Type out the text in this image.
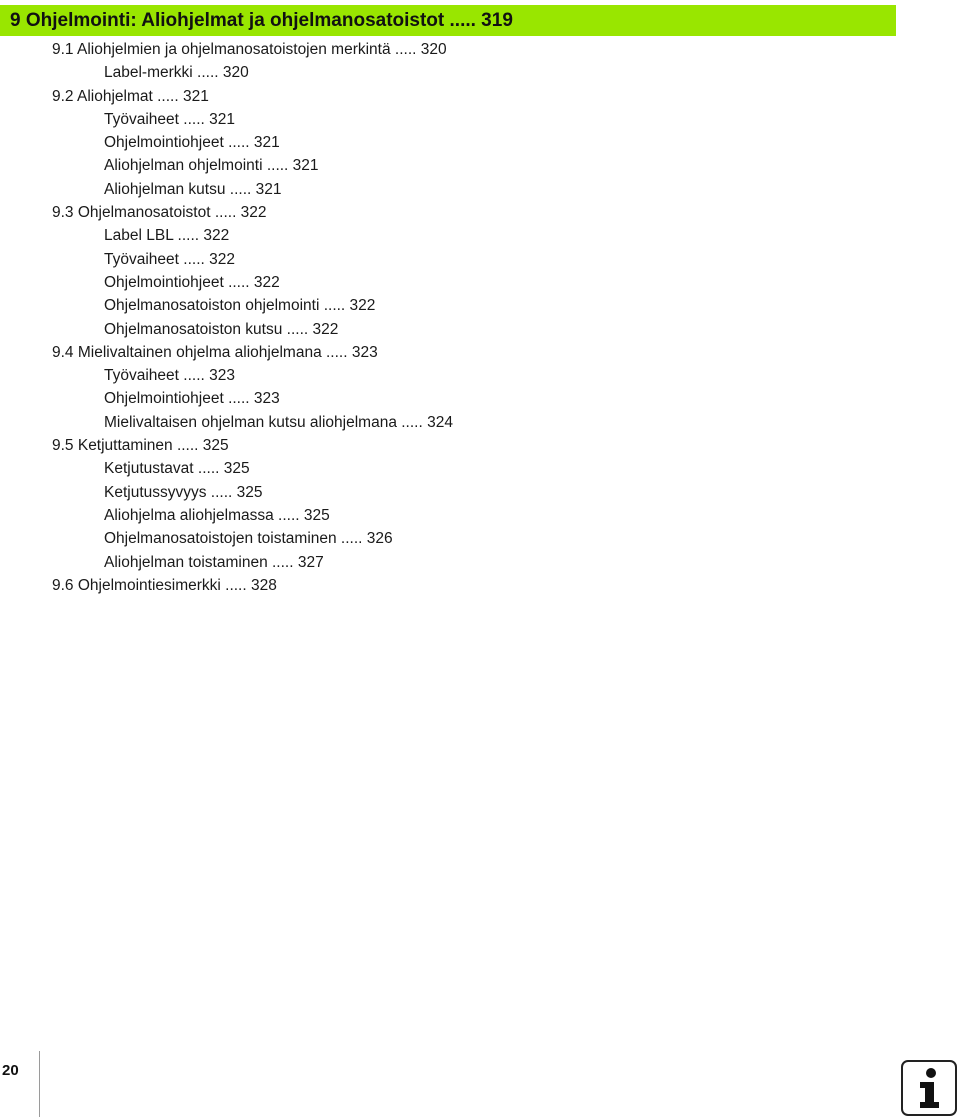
9 Ohjelmointi: Aliohjelmat ja ohjelmanosatoistot ..... 319
9.1 Aliohjelmien ja ohjelmanosatoistojen merkintä ..... 320
Label-merkki ..... 320
9.2 Aliohjelmat ..... 321
Työvaiheet ..... 321
Ohjelmointiohjeet ..... 321
Aliohjelman ohjelmointi ..... 321
Aliohjelman kutsu ..... 321
9.3 Ohjelmanosatoistot ..... 322
Label LBL ..... 322
Työvaiheet ..... 322
Ohjelmointiohjeet ..... 322
Ohjelmanosatoiston ohjelmointi ..... 322
Ohjelmanosatoiston kutsu ..... 322
9.4 Mielivaltainen ohjelma aliohjelmana ..... 323
Työvaiheet ..... 323
Ohjelmointiohjeet ..... 323
Mielivaltaisen ohjelman kutsu aliohjelmana ..... 324
9.5 Ketjuttaminen ..... 325
Ketjutustavat ..... 325
Ketjutussyvyys ..... 325
Aliohjelma aliohjelmassa ..... 325
Ohjelmanosatoistojen toistaminen ..... 326
Aliohjelman toistaminen ..... 327
9.6 Ohjelmointiesimerkki ..... 328
20
